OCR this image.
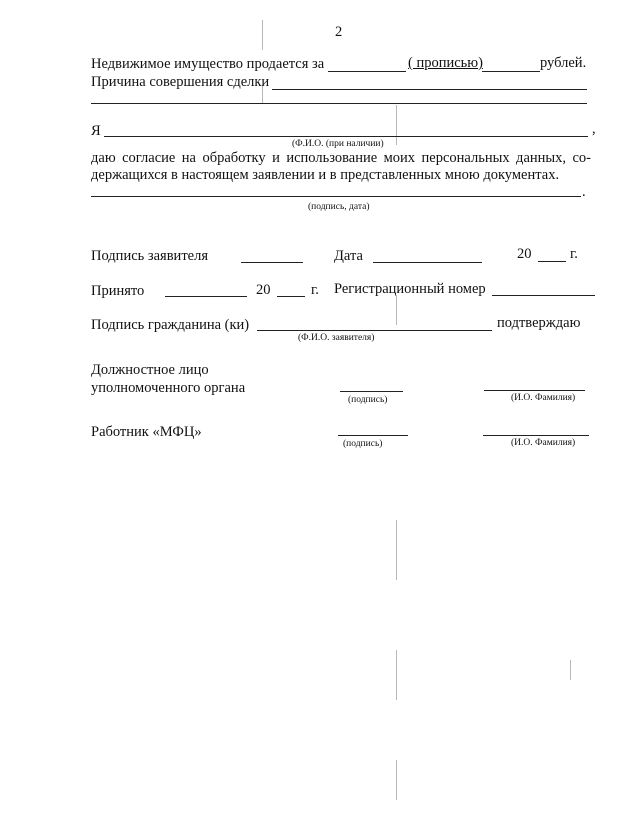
2
Недвижимое имущество продается за	( прописью)	рублей.
Причина совершения сделки
Я	,
(Ф.И.О. (при наличии)
даю согласие на обработку и использование моих персональных данных, со-
держащихся в настоящем заявлении и в представленных мною документах.
.
(подпись, дата)
Подпись заявителя	Дата	20	г.
Принято	20	г. Регистрационный номер
Подпись гражданина (ки)	подтверждаю
(Ф.И.О. заявителя)
Должностное лицо
уполномоченного органа
(подпись)	(И.О. Фамилия)
Работник «МФЦ»
(подпись)	(И.О. Фамилия)
